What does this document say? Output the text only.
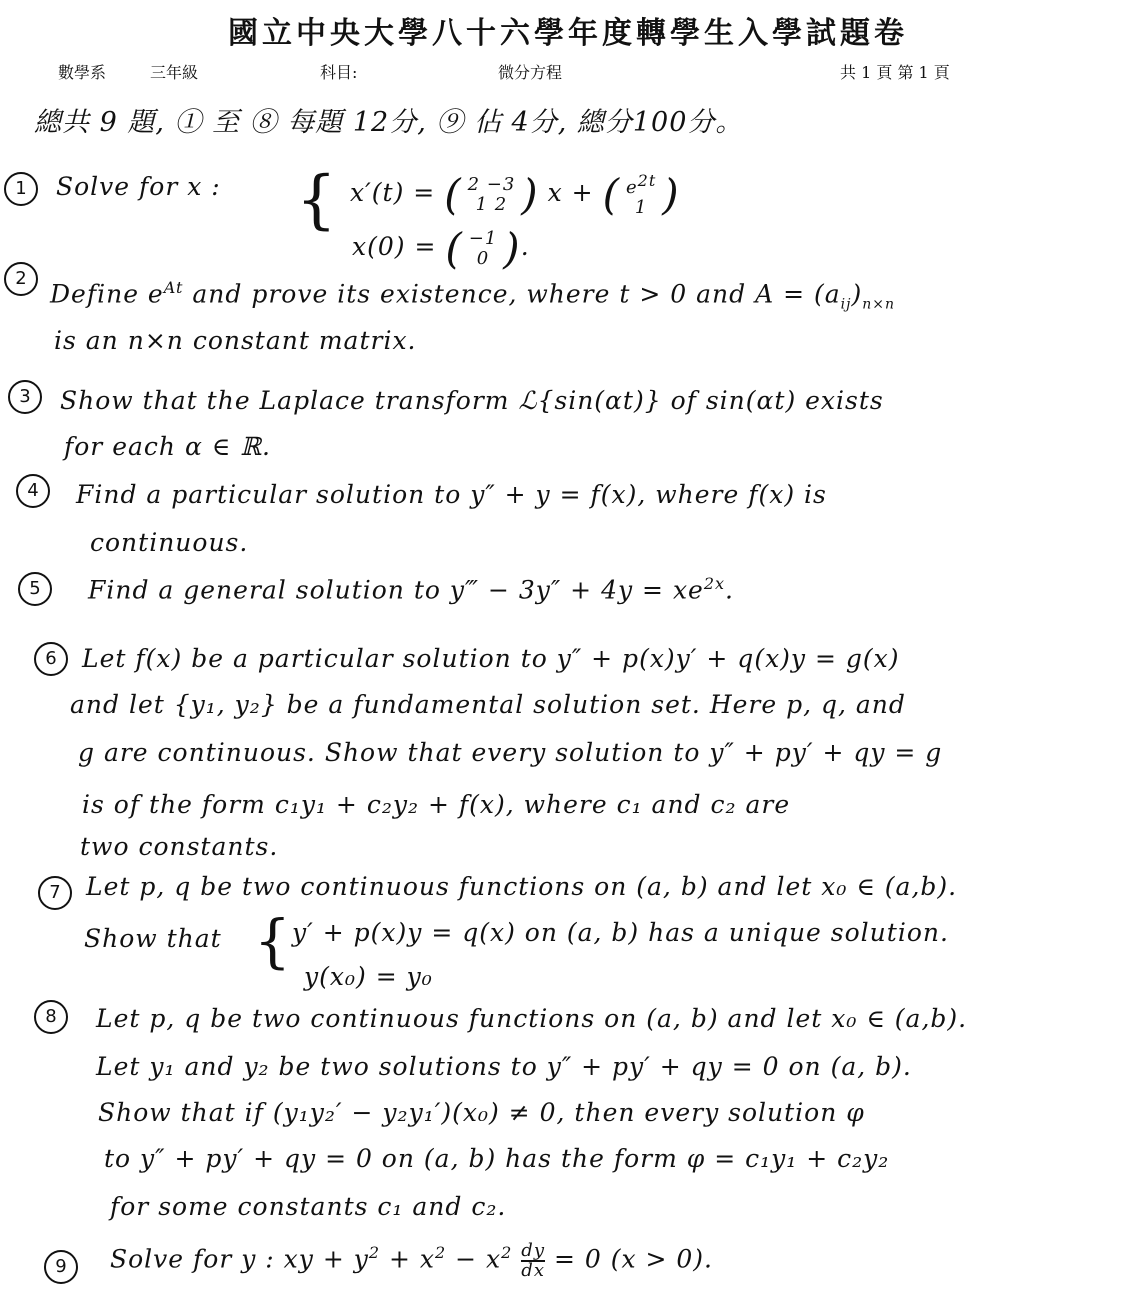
國立中央大學八十六學年度轉學生入學試題卷
數學系	三年級	科目:	微分方程	共 1 頁 第 1 頁
總共 9 題, ① 至 ⑧ 每題 12分, ⑨ 佔 4分, 總分100分。
1	Solve for x : { x′(t) = ( 2 −3
1 2 ) x + ( e2t
1 )
x(0) = ( −1
0 ).
2
Define $e^{At}$ and prove its existence, where t > 0 and $A = (a_{ij})_{n\times n}$
is an n×n constant matrix.
3	Show that the Laplace transform ℒ{sin(αt)} of sin(αt) exists
for each α ∈ ℝ.
4	Find a particular solution to y″ + y = f(x), where f(x) is
continuous.
5	Find a general solution to y‴ − $3y'' + 4y = xe^{2x}$.
6	Let f(x) be a particular solution to y″ + p(x)y′ + q(x)y = g(x)
and let {y₁, y₂} be a fundamental solution set. Here p, q, and
g are continuous. Show that every solution to y″ + py′ + qy = g
is of the form c₁y₁ + c₂y₂ + f(x), where c₁ and c₂ are
two constants.
7	Let p, q be two continuous functions on (a, b) and let x₀ ∈ (a,b).
Show that { y′ + p(x)y = q(x) on (a, b) has a unique solution.
y(x₀) = y₀
8	Let p, q be two continuous functions on (a, b) and let x₀ ∈ (a,b).
Let y₁ and y₂ be two solutions to y″ + py′ + qy = 0 on (a, b).
Show that if (y₁y₂′ − y₂y₁′)(x₀) ≠ 0, then every solution φ
to y″ + py′ + qy = 0 on (a, b) has the form φ = c₁y₁ + c₂y₂
for some constants c₁ and c₂.
9	Solve for y : xy + $y^2 + x^2 - x^2 \frac{dy}{dx} = 0$ (x > 0).
